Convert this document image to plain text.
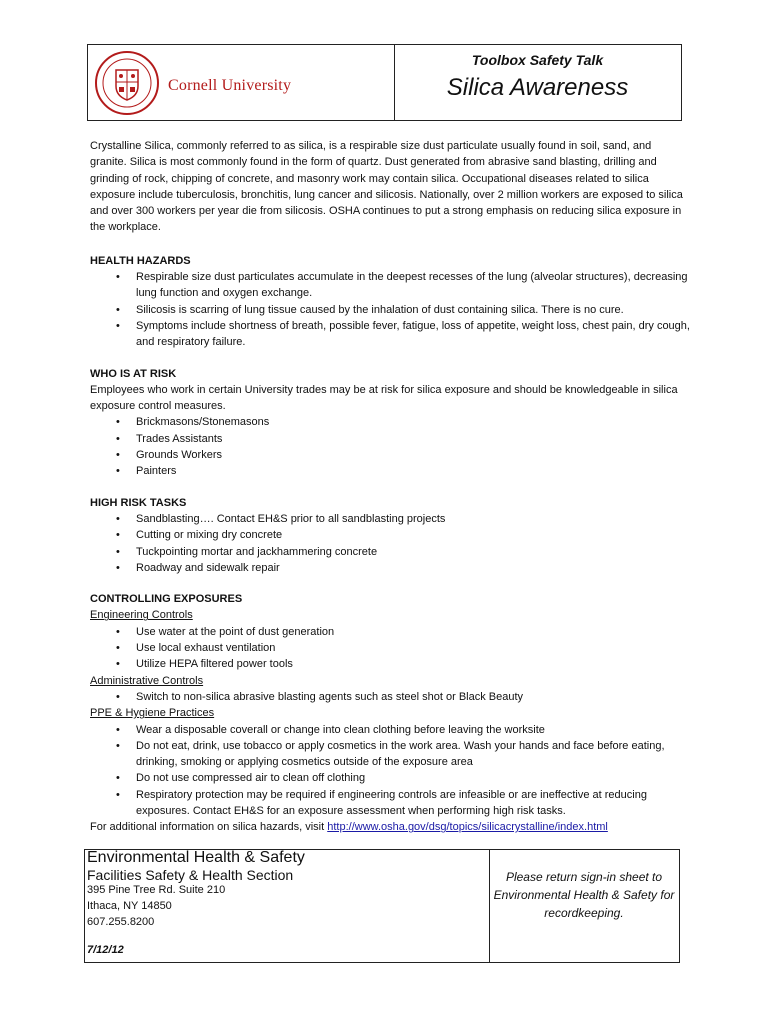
Cornell University
Toolbox Safety Talk
Silica Awareness

Crystalline Silica, commonly referred to as silica, is a respirable size dust particulate usually found in soil, sand, and granite. Silica is most commonly found in the form of quartz. Dust generated from abrasive sand blasting, drilling and grinding of rock, chipping of concrete, and masonry work may contain silica. Occupational diseases related to silica exposure include tuberculosis, bronchitis, lung cancer and silicosis. Nationally, over 2 million workers are exposed to silica and over 300 workers per year die from silicosis. OSHA continues to put a strong emphasis on reducing silica exposure in the workplace.

HEALTH HAZARDS

• Respirable size dust particulates accumulate in the deepest recesses of the lung (alveolar structures), decreasing lung function and oxygen exchange.
• Silicosis is scarring of lung tissue caused by the inhalation of dust containing silica. There is no cure.
• Symptoms include shortness of breath, possible fever, fatigue, loss of appetite, weight loss, chest pain, dry cough, and respiratory failure.

WHO IS AT RISK

Employees who work in certain University trades may be at risk for silica exposure and should be knowledgeable in silica exposure control measures.

• Brickmasons/Stonemasons
• Trades Assistants
• Grounds Workers
• Painters

HIGH RISK TASKS

• Sandblasting…. Contact EH&S prior to all sandblasting projects
• Cutting or mixing dry concrete
• Tuckpointing mortar and jackhammering concrete
• Roadway and sidewalk repair

CONTROLLING EXPOSURES

Engineering Controls

• Use water at the point of dust generation
• Use local exhaust ventilation
• Utilize HEPA filtered power tools

Administrative Controls

• Switch to non-silica abrasive blasting agents such as steel shot or Black Beauty

PPE & Hygiene Practices

• Wear a disposable coverall or change into clean clothing before leaving the worksite
• Do not eat, drink, use tobacco or apply cosmetics in the work area. Wash your hands and face before eating, drinking, smoking or applying cosmetics outside of the exposure area
• Do not use compressed air to clean off clothing
• Respiratory protection may be required if engineering controls are infeasible or are ineffective at reducing exposures. Contact EH&S for an exposure assessment when performing high risk tasks.

For additional information on silica hazards, visit http://www.osha.gov/dsg/topics/silicacrystalline/index.html

Environmental Health & Safety
Facilities Safety & Health Section
395 Pine Tree Rd. Suite 210
Ithaca, NY 14850
607.255.8200
7/12/12
Please return sign-in sheet to Environmental Health & Safety for recordkeeping.
